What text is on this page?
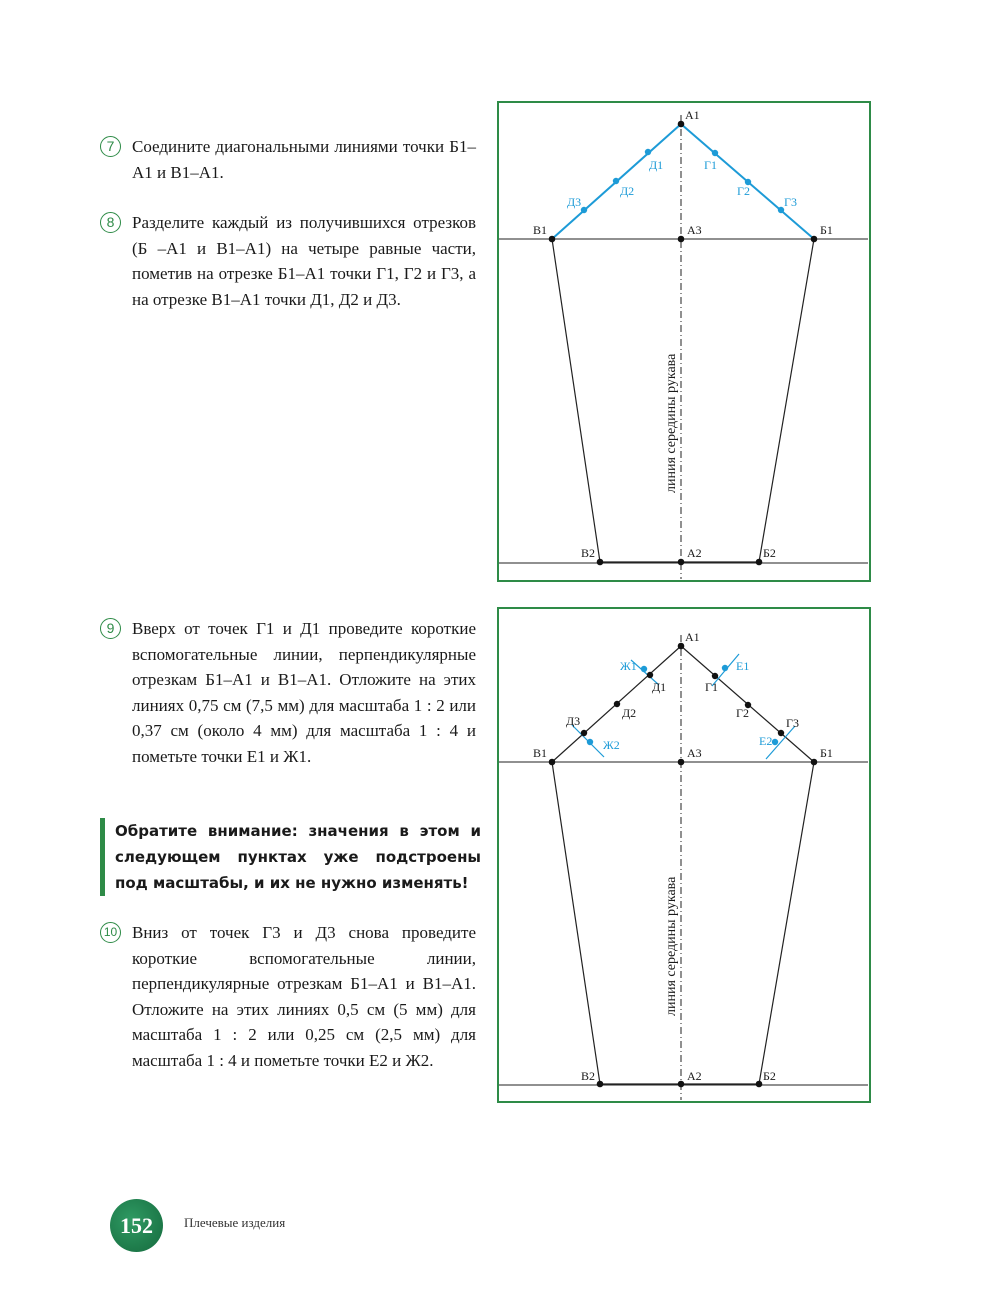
7	Соедините диагональными линиями точки Б1–А1 и В1–А1.
8	Разделите каждый из получившихся отрезков (Б –А1 и В1–А1) на четыре равные части, пометив на отрезке Б1–А1 точки Г1, Г2 и Г3, а на отрезке В1–А1 точки Д1, Д2 и Д3.
А1
А3
А2
Б1
В1
Б2
В2
Г1
Г2
Г3
Д1
Д2
Д3
линия середины рукава
9	Вверх от точек Г1 и Д1 проведите короткие вспомогательные линии, перпендикулярные отрезкам Б1–А1 и В1–А1. Отложите на этих линиях 0,75 см (7,5 мм) для масштаба 1 : 2 или 0,37 см (около 4 мм) для масштаба 1 : 4 и пометьте точки Е1 и Ж1.
Обратите внимание: значения в этом и следующем пунктах уже подстроены под масштабы, и их не нужно изменять!
10 Вниз от точек Г3 и Д3 снова проведите короткие вспомогательные линии, перпендикулярные отрезкам Б1–А1 и В1–А1. Отложите на этих линиях 0,5 см (5 мм) для масштаба 1 : 2 или 0,25 см (2,5 мм) для масштаба 1 : 4 и пометьте точки Е2 и Ж2.
А1
А3
А2
Б1
В1
Б2
В2
Г1
Г2
Г3
Д1
Д2
Д3
Е1
Е2
Ж1
Ж2
линия середины рукава
152	Плечевые изделия
